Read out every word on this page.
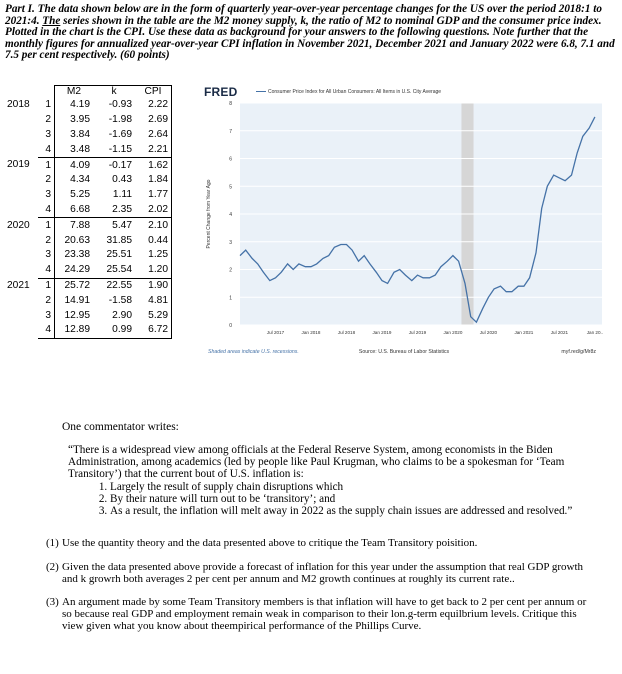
Part I. The data shown below are in the form of quarterly year-over-year percentage changes for the US over the period 2018:1 to 2021:4. The series shown in the table are the M2 money supply, k, the ratio of M2 to nominal GDP and the consumer price index. Plotted in the chart is the CPI. Use these data as background for your answers to the following questions. Note further that the monthly figures for annualized year-over-year CPI inflation in November 2021, December 2021 and January 2022 were 6.8, 7.1 and 7.5 per cent respectively. (60 points)
		M2	k	CPI
2018	1	4.19	-0.93	2.22
	2	3.95	-1.98	2.69
	3	3.84	-1.69	2.64
	4	3.48	-1.15	2.21
2019	1	4.09	-0.17	1.62
	2	4.34	0.43	1.84
	3	5.25	1.11	1.77
	4	6.68	2.35	2.02
2020	1	7.88	5.47	2.10
	2	20.63	31.85	0.44
	3	23.38	25.51	1.25
	4	24.29	25.54	1.20
2021	1	25.72	22.55	1.90
	2	14.91	-1.58	4.81
	3	12.95	2.90	5.29
	4	12.89	0.99	6.72
FRED	Consumer Price Index for All Urban Consumers: All Items in U.S. City Average
0
1
2
3
4
5
6
7
8
Jul 2017	Jan 2018	Jul 2018	Jan 2019	Jul 2019	Jan 2020	Jul 2020	Jan 2021	Jul 2021	Jan 20..
Percent Change from Year Ago
Shaded areas indicate U.S. recessions.	Source: U.S. Bureau of Labor Statistics	myf.red/g/Mr8z
One commentator writes:
“There is a widespread view among officials at the Federal Reserve System, among economists in the Biden Administration, among academics (led by people like Paul Krugman, who claims to be a spokesman for ‘Team Transitory’) that the current bout of U.S. inflation is:
1. Largely the result of supply chain disruptions which
2. By their nature will turn out to be ‘transitory’; and
3. As a result, the inflation will melt away in 2022 as the supply chain issues are addressed and resolved.”
(1) Use the quantity theory and the data presented above to critique the Team Transitory poisition.
(2) Given the data presented above provide a forecast of inflation for this year under the assumption that real GDP growth and k growrh both averages 2 per cent per annum and M2 growth continues at roughly its current rate..
(3) An argument made by some Team Transitory members is that inflation will have to get back to 2 per cent per annum or so because real GDP and employment remain weak in comparison to their lon.g-term equilbrium levels. Critique this view given what you know about theempirical performance of the Phillips Curve.
